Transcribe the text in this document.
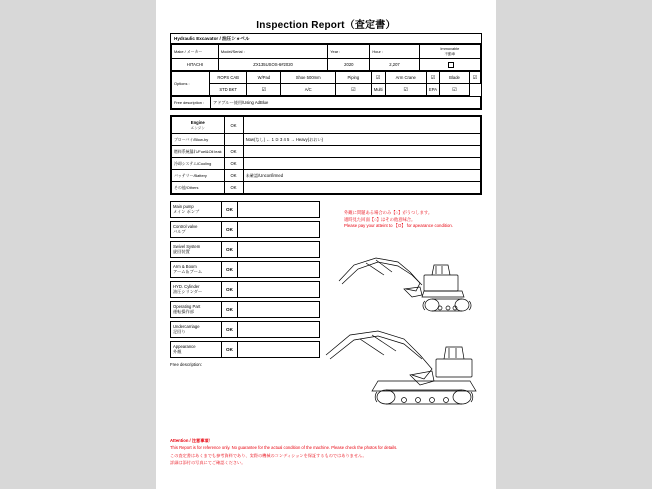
Inspection Report（査定書）
Hydraulic Excavator / 油圧ショベル
Make / メーカー	Model/Serial :	Year :	Hour :	Immovable
不動車
HITACHI	ZX135USOS-6#2020	2020	2,207	
Options :	ROPS CAB	W/Pad	Shoe 500mm	Piping	☑	Arm Crane	☑	Blade	☑
	STD BKT	☑	A/C	☑	Multi	☑	EPA	☑	
Free description :	アドブルー使用/Using AdBlue
Engine
エンジン	OK	
ブローバイ/Blow-by		Now(なし) ← 1 ② 3 4 5 → Heavy(おおい)
燃料系統漏れ/Fuel&Oil leak	OK	
冷却システム/Cooling	OK	
バッテリー/Battery	OK	未確認/Unconfirmed
その他/Others	OK	
Main pump
メイン ポンプ	OK
Control valve
バルブ	OK
Swivel System
旋回装置	OK
Arm & Boom
アーム＆ブーム	OK
HYD. Cylinder
油圧シリンダー	OK
Operating Part
運転操作部	OK
Undercarriage
足回り	OK
Appearance
外観	OK
Free description:
外観に問題ある場合のみ【○】がうつします。
適時見た回面【○】はその他意味合。
Please pay your atteint to 【O】 for apearance condition.
Attention / 注意事項！
This Report is for reference only. No guarantee for the actual condition of the machine. Please check the photos for details.
この査定書はあくまでも参考資料であり、実際の機械のコンディションを保証するものではありません。
詳細は添付の写真にてご確認ください。
